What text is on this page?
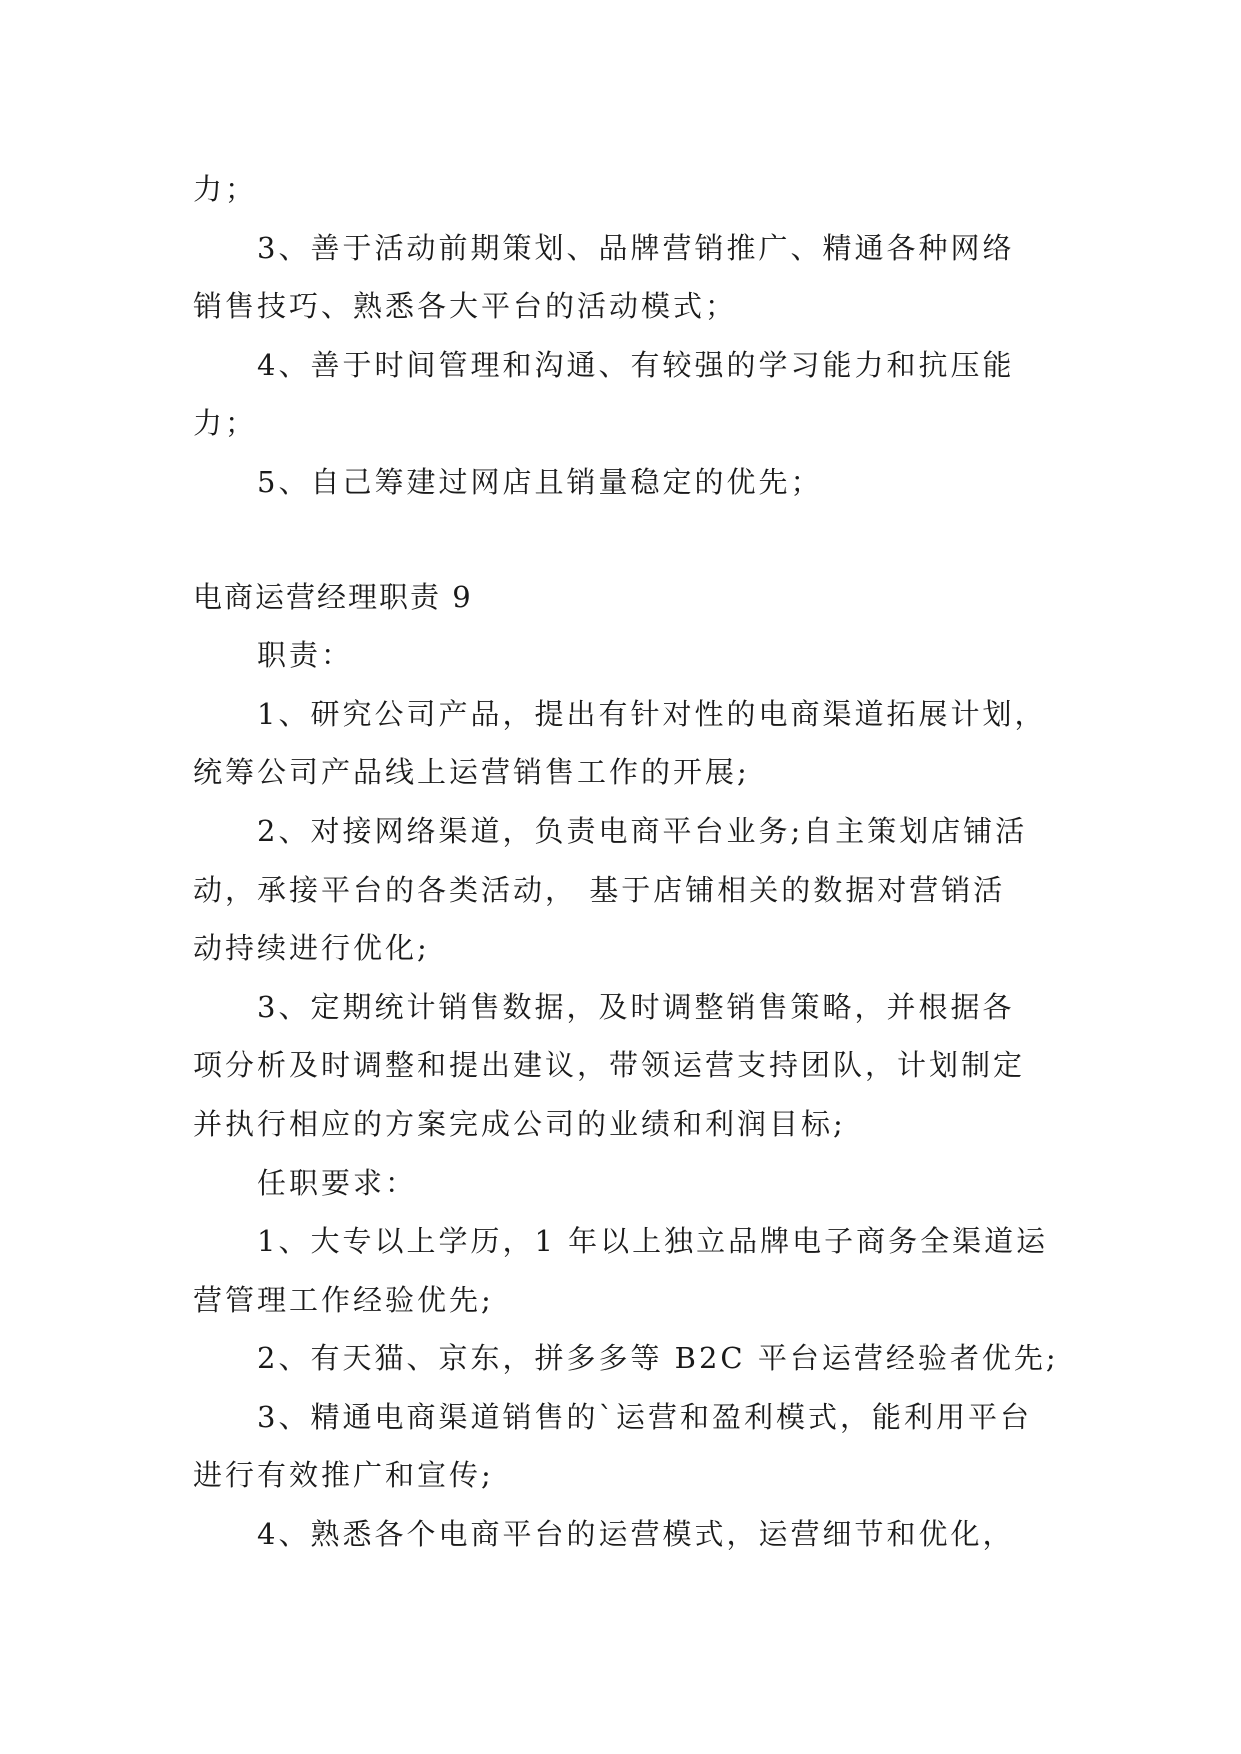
力；
3、善于活动前期策划、品牌营销推广、精通各种网络
销售技巧、熟悉各大平台的活动模式；
4、善于时间管理和沟通、有较强的学习能力和抗压能
力；
5、自己筹建过网店且销量稳定的优先；
电商运营经理职责 9
职责：
1、研究公司产品，提出有针对性的电商渠道拓展计划，
统筹公司产品线上运营销售工作的开展;
2、对接网络渠道，负责电商平台业务;自主策划店铺活
动，承接平台的各类活动， 基于店铺相关的数据对营销活
动持续进行优化;
3、定期统计销售数据，及时调整销售策略，并根据各
项分析及时调整和提出建议，带领运营支持团队，计划制定
并执行相应的方案完成公司的业绩和利润目标;
任职要求：
1、大专以上学历，1 年以上独立品牌电子商务全渠道运
营管理工作经验优先;
2、有天猫、京东，拼多多等 B2C 平台运营经验者优先;
3、精通电商渠道销售的`运营和盈利模式，能利用平台
进行有效推广和宣传;
4、熟悉各个电商平台的运营模式，运营细节和优化，
